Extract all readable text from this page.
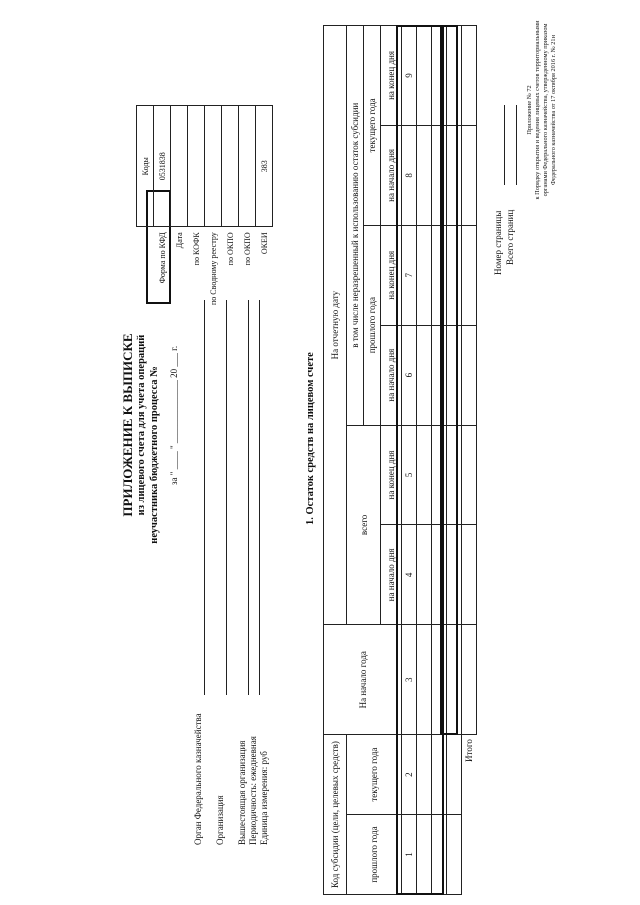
Приложение № 72 к Порядку открытия и ведения лицевых счетов территориальными органами Федерального казначейства, утвержденному приказом Федерального казначейства от 17 октября 2016 г. № 21н
ПРИЛОЖЕНИЕ К ВЫПИСКЕ из лицевого счета для учета операций неучастника бюджетного процесса № за " ____ " ______________ 20 ___ г.
	Коды
Форма по КФД	0531838
Дата	
по КОФК	
по Сводному реестру	
по ОКПО	
по ОКПО	
ОКЕИ	383
Орган Федерального казначейства Организация Вышестоящая организация Периодичность: ежедневная Единица измерения: руб
1. Остаток средств на лицевом счете
Код субсидии (цели, целевых средств)		На начало года	На отчетную дату					
прошлого года	текущего года		всего		в том числе неразрешенный к использованию остаток субсидии			
					прошлого года		текущего года	
			на начало дня	на конец дня	на начало дня	на конец дня	на начало дня	на конец дня
1	2	3	4	5	6	7	8	9

Итого								
Номер страницы Всего страниц
